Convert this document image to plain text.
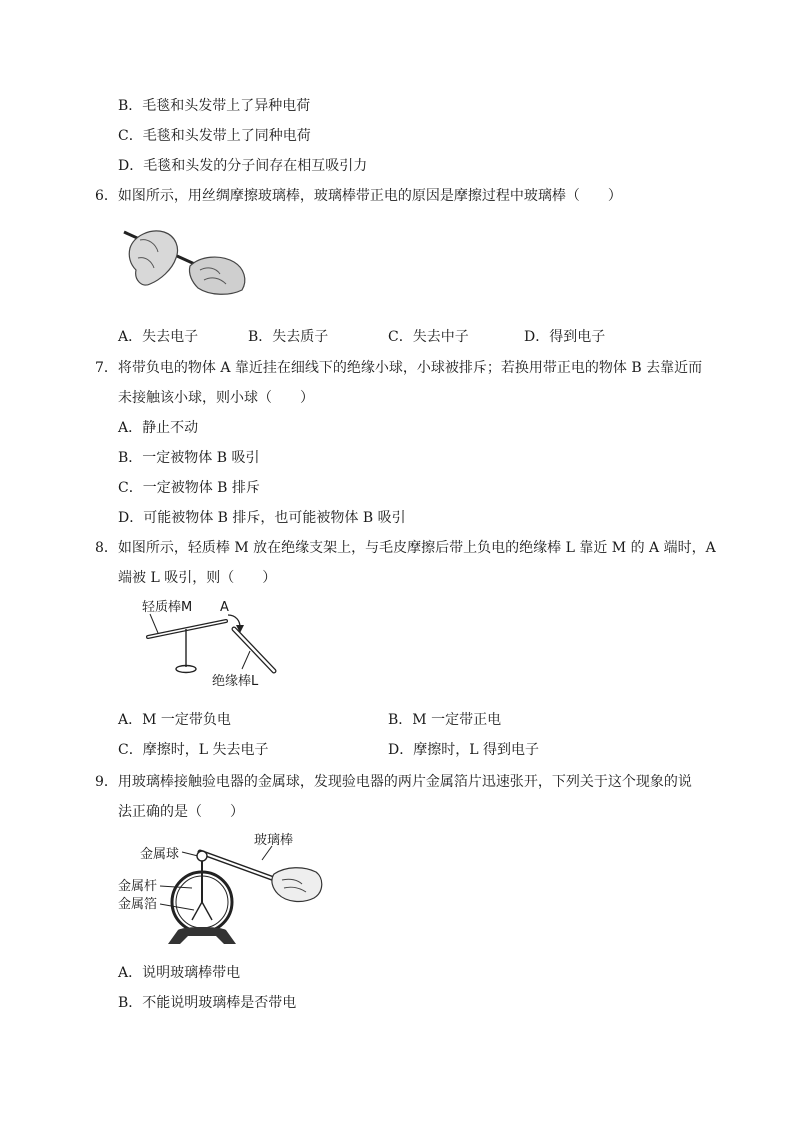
B．毛毯和头发带上了异种电荷
C．毛毯和头发带上了同种电荷
D．毛毯和头发的分子间存在相互吸引力
6．如图所示，用丝绸摩擦玻璃棒，玻璃棒带正电的原因是摩擦过程中玻璃棒（　　）
A．失去电子	B．失去质子	C．失去中子	D．得到电子
7．将带负电的物体 A 靠近挂在细线下的绝缘小球，小球被排斥；若换用带正电的物体 B 去靠近而
未接触该小球，则小球（　　）
A．静止不动
B．一定被物体 B 吸引
C．一定被物体 B 排斥
D．可能被物体 B 排斥，也可能被物体 B 吸引
8．如图所示，轻质棒 M 放在绝缘支架上，与毛皮摩擦后带上负电的绝缘棒 L 靠近 M 的 A 端时，A
端被 L 吸引，则（　　）
轻质棒M A
绝缘棒L
A．M 一定带负电	B．M 一定带正电
C．摩擦时，L 失去电子	D．摩擦时，L 得到电子
9．用玻璃棒接触验电器的金属球，发现验电器的两片金属箔片迅速张开，下列关于这个现象的说
法正确的是（　　）
金属球
玻璃棒
金属杆
金属箔
A．说明玻璃棒带电
B．不能说明玻璃棒是否带电
